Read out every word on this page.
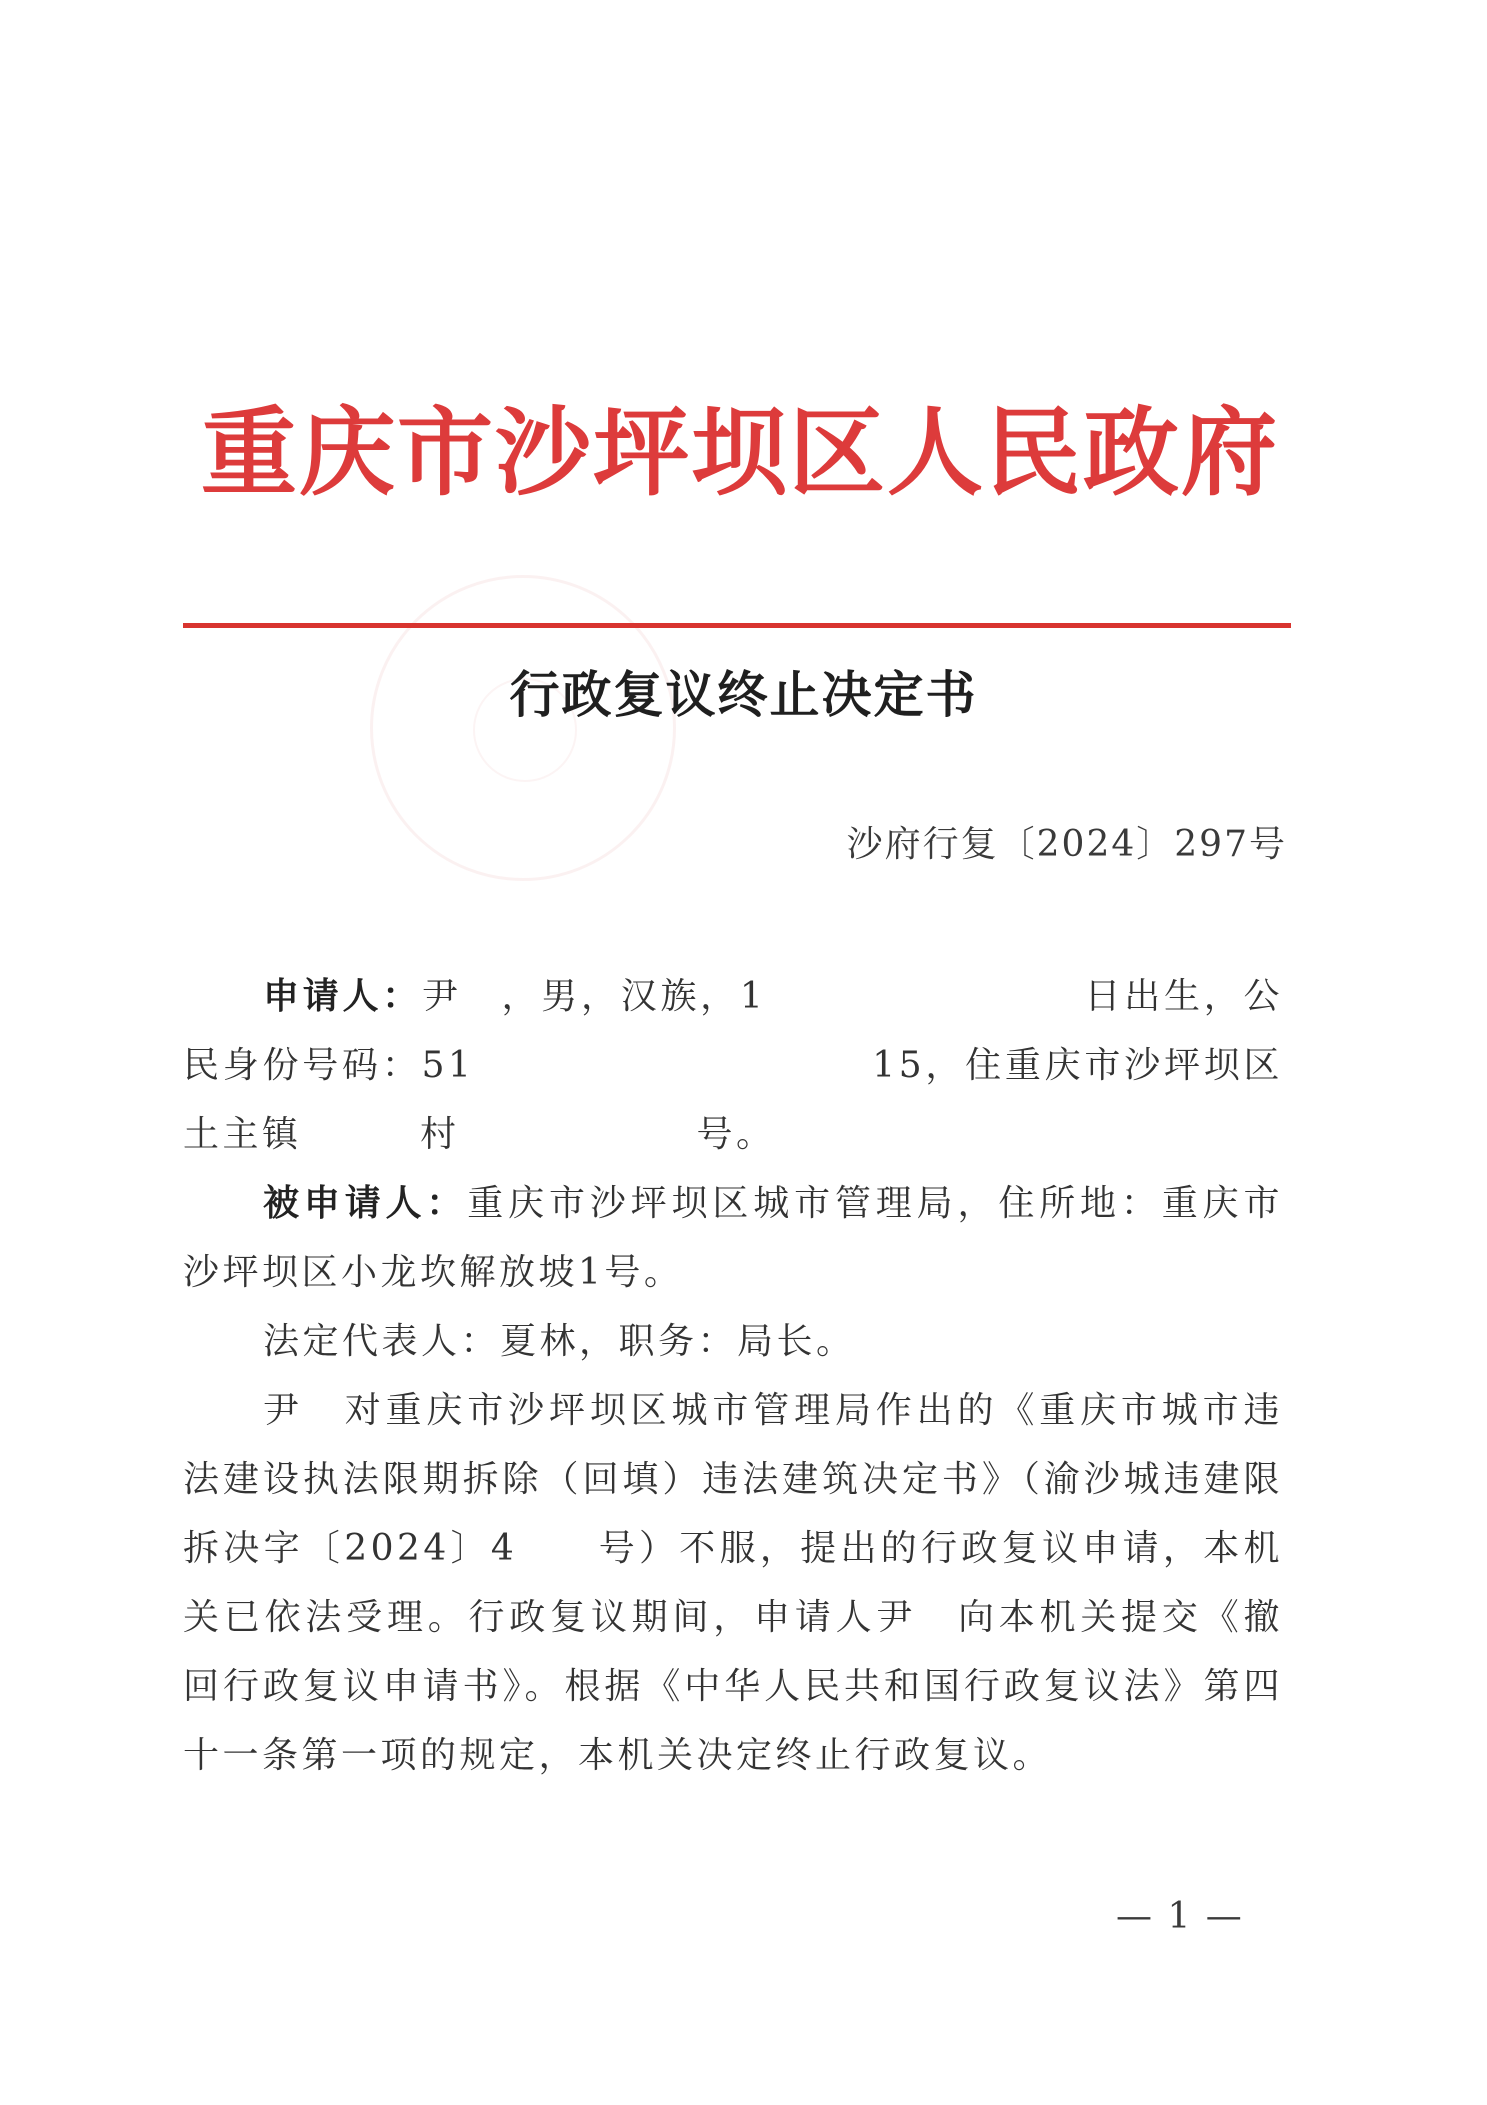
重庆市沙坪坝区人民政府
行政复议终止决定书
沙府行复〔2024〕297号

申请人：尹　，男，汉族，1　　　　　　　　日出生，公民身份号码：51　　　　　　　　　　15，住重庆市沙坪坝区土主镇　　　村　　　　　　号。

被申请人：重庆市沙坪坝区城市管理局，住所地：重庆市沙坪坝区小龙坎解放坡1号。

法定代表人：夏林，职务：局长。

尹　对重庆市沙坪坝区城市管理局作出的《重庆市城市违法建设执法限期拆除（回填）违法建筑决定书》（渝沙城违建限拆决字〔2024〕4　　号）不服，提出的行政复议申请，本机关已依法受理。行政复议期间，申请人尹　向本机关提交《撤回行政复议申请书》。根据《中华人民共和国行政复议法》第四十一条第一项的规定，本机关决定终止行政复议。

— 1 —
